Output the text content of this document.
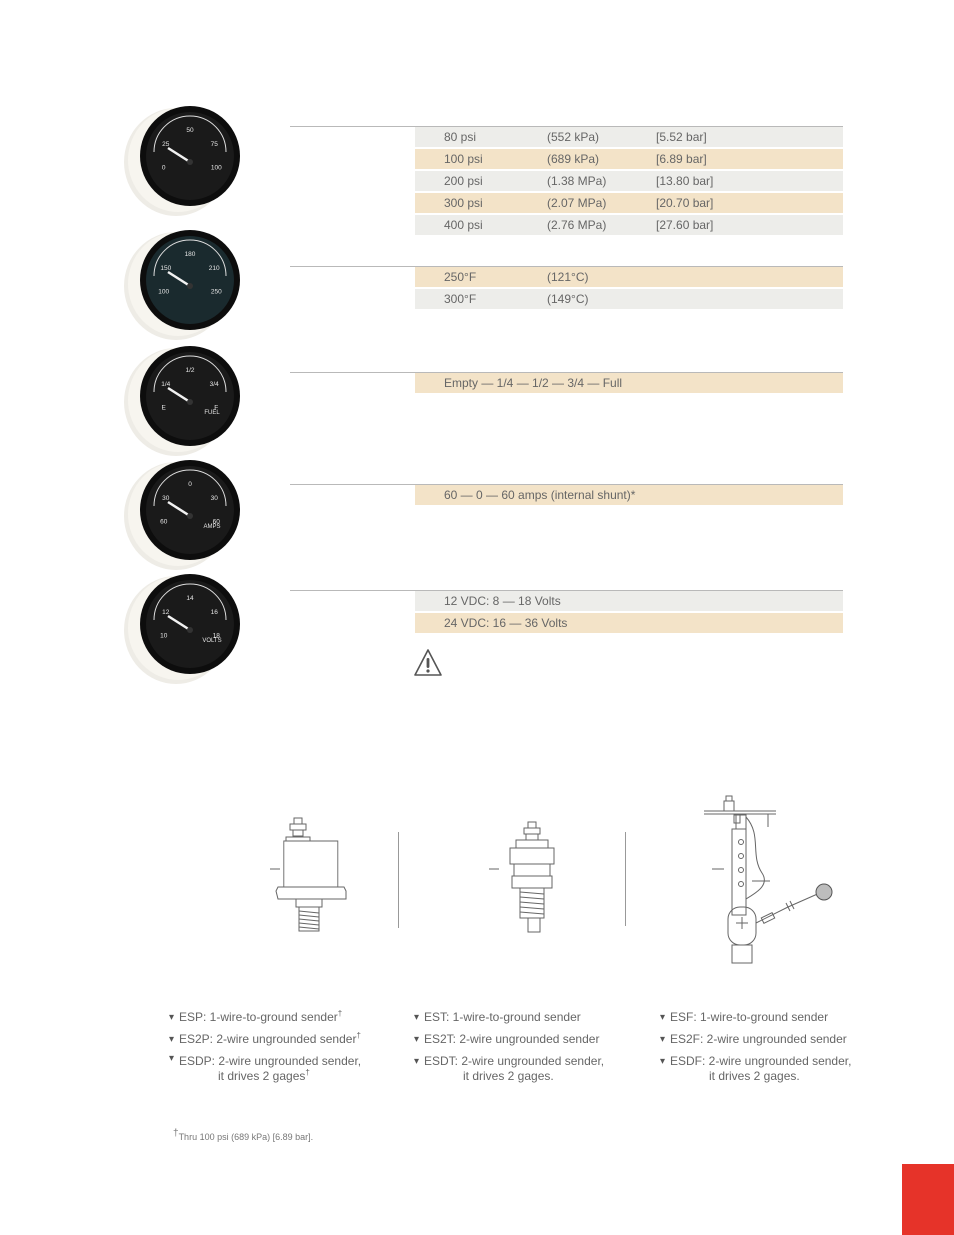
25
50
75
0	100
150
180
210
100	250
1/4
1/2
3/4
E	F
FUEL
30
0
30
60	60
AMPS
12
14
16
10	18
VOLTS
80 psi	(552 kPa)	[5.52 bar]
100 psi	(689 kPa)	[6.89 bar]
200 psi	(1.38 MPa)	[13.80 bar]
300 psi	(2.07 MPa)	[20.70 bar]
400 psi	(2.76 MPa)	[27.60 bar]
250°F	(121°C)
300°F	(149°C)
Empty — 1/4 — 1/2 — 3/4 — Full
60 — 0 — 60 amps (internal shunt)*
12 VDC: 8 — 18 Volts
24 VDC: 16 — 36 Volts
▾ ESP: 1-wire-to-ground sender†
▾ ES2P: 2-wire ungrounded sender†
▾ ESDP: 2-wire ungrounded sender,
it drives 2 gages†
▾ EST: 1-wire-to-ground sender
▾ ES2T: 2-wire ungrounded sender
▾ ESDT: 2-wire ungrounded sender,
it drives 2 gages.
▾ ESF: 1-wire-to-ground sender
▾ ES2F: 2-wire ungrounded sender
▾ ESDF: 2-wire ungrounded sender,
it drives 2 gages.
†Thru 100 psi (689 kPa) [6.89 bar].
